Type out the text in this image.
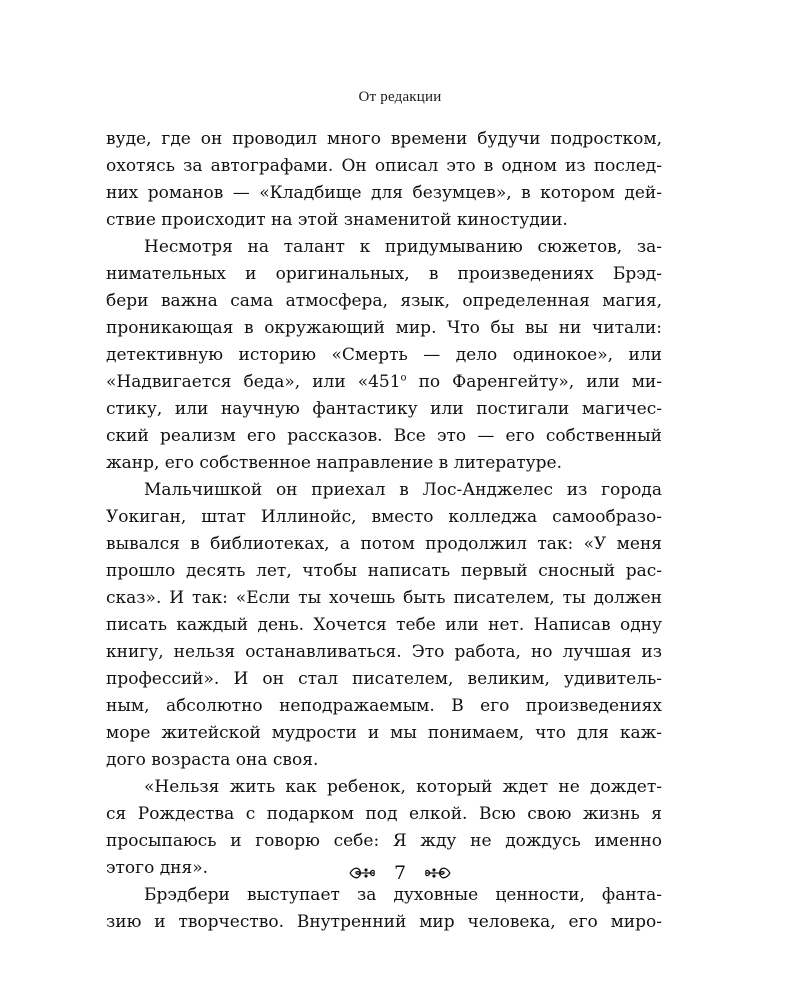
От редакции
вуде, где он проводил много времени будучи подростком,
охотясь за автографами. Он описал это в одном из послед-
них романов — «Кладбище для безумцев», в котором дей-
ствие происходит на этой знаменитой киностудии.
Несмотря на талант к придумыванию сюжетов, за-
нимательных и оригинальных, в произведениях Брэд-
бери важна сама атмосфера, язык, определенная магия,
проникающая в окружающий мир. Что бы вы ни читали:
детективную историю «Смерть — дело одинокое», или
«Надвигается беда», или «451$^o$ по Фаренгейту», или ми-
стику, или научную фантастику или постигали магичес-
ский реализм его рассказов. Все это — его собственный
жанр, его собственное направление в литературе.
Мальчишкой он приехал в Лос-Анджелес из города
Уокиган, штат Иллинойс, вместо колледжа самообразо-
вывался в библиотеках, а потом продолжил так: «У меня
прошло десять лет, чтобы написать первый сносный рас-
сказ». И так: «Если ты хочешь быть писателем, ты должен
писать каждый день. Хочется тебе или нет. Написав одну
книгу, нельзя останавливаться. Это работа, но лучшая из
профессий». И он стал писателем, великим, удивитель-
ным, абсолютно неподражаемым. В его произведениях
море житейской мудрости и мы понимаем, что для каж-
дого возраста она своя.
«Нельзя жить как ребенок, который ждет не дождет-
ся Рождества с подарком под елкой. Всю свою жизнь я
просыпаюсь и говорю себе: Я жду не дождусь именно
этого дня».
Брэдбери выступает за духовные ценности, фанта-
зию и творчество. Внутренний мир человека, его миро-
7
